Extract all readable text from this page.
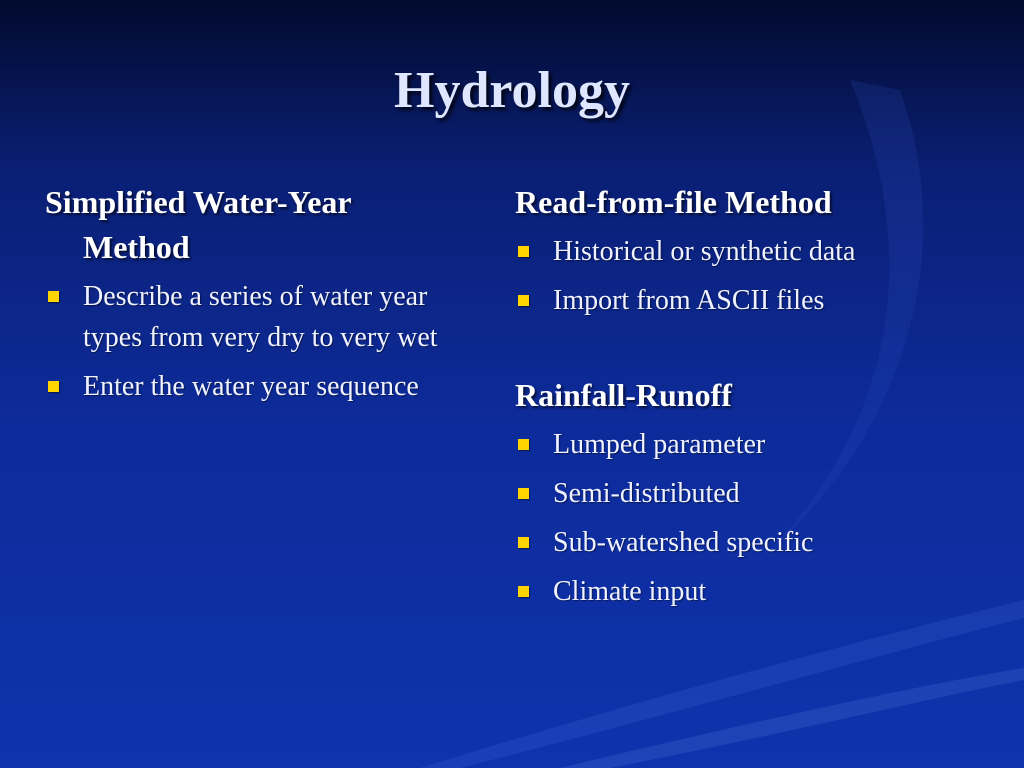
Hydrology
Simplified Water-Year Method
Describe a series of water year types from very dry to very wet
Enter the water year sequence
Read-from-file Method
Historical or synthetic data
Import from ASCII files
Rainfall-Runoff
Lumped parameter
Semi-distributed
Sub-watershed specific
Climate input
